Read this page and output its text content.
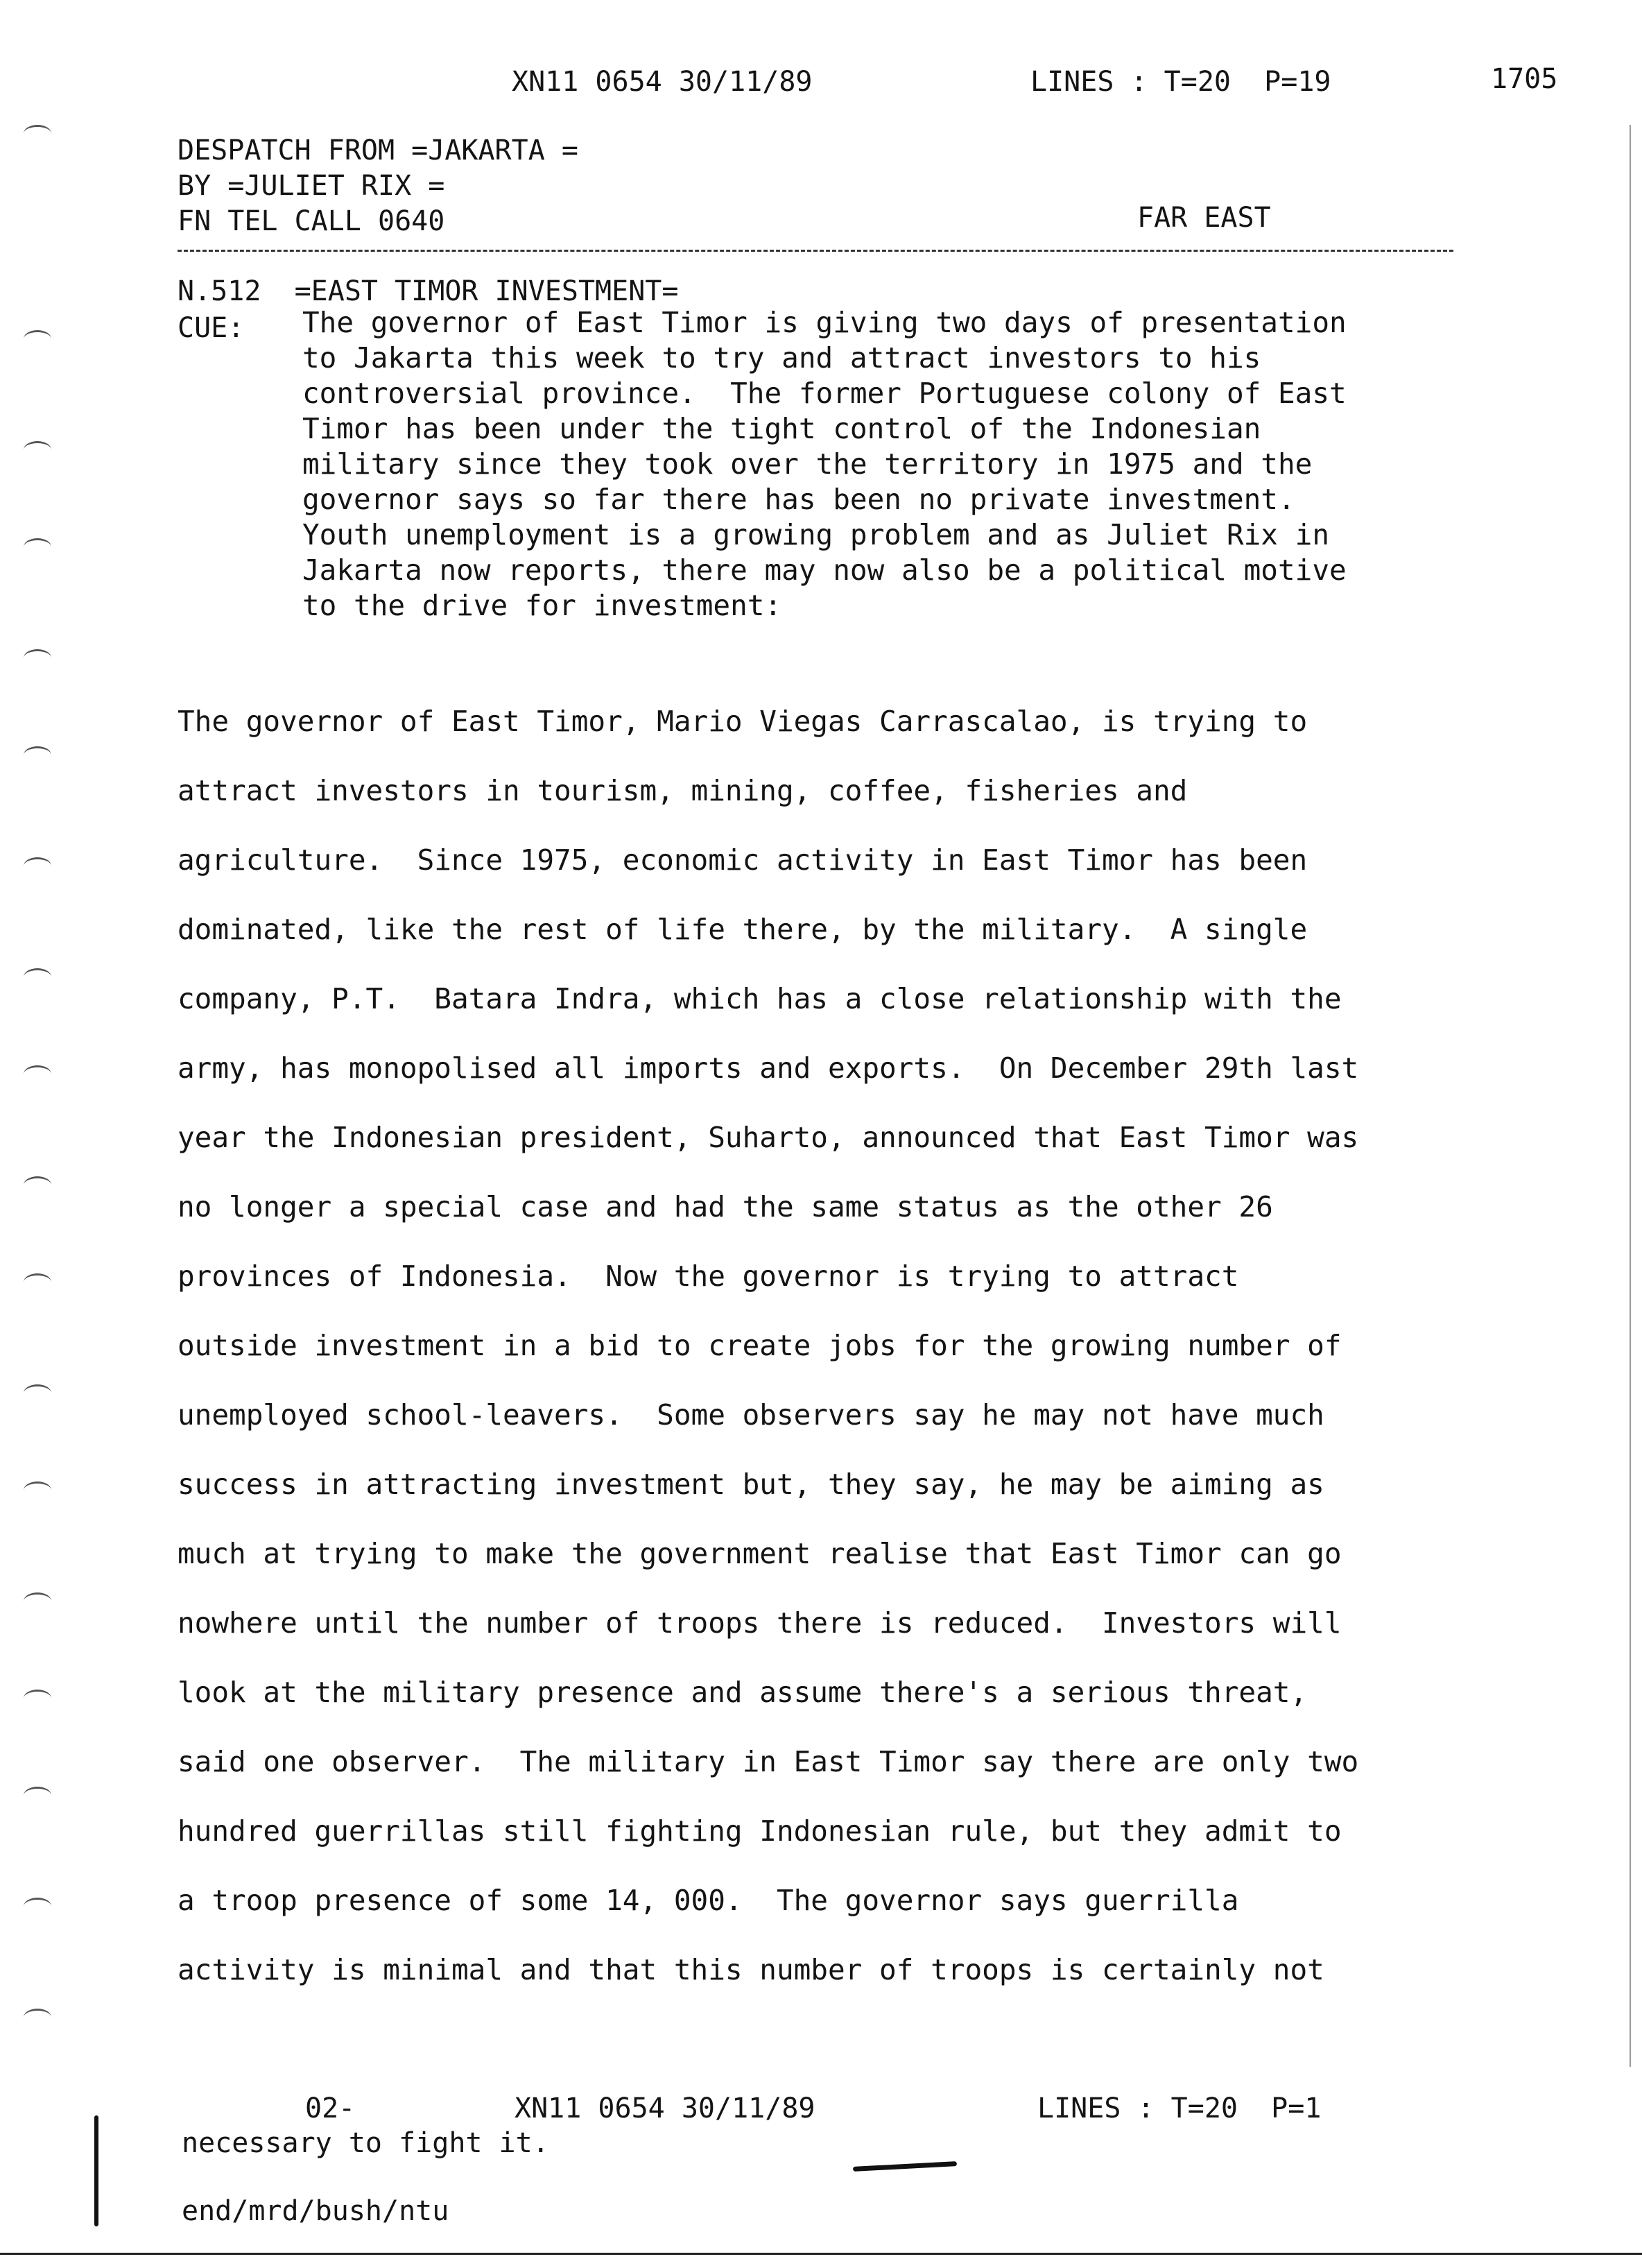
XN11 0654 30/11/89	LINES : T=20  P=19	1705
DESPATCH FROM =JAKARTA =
BY =JULIET RIX =
FN TEL CALL 0640	FAR EAST
N.512  =EAST TIMOR INVESTMENT=
CUE: The governor of East Timor is giving two days of presentation
to Jakarta this week to try and attract investors to his
controversial province.  The former Portuguese colony of East
Timor has been under the tight control of the Indonesian
military since they took over the territory in 1975 and the
governor says so far there has been no private investment.
Youth unemployment is a growing problem and as Juliet Rix in
Jakarta now reports, there may now also be a political motive
to the drive for investment:
The governor of East Timor, Mario Viegas Carrascalao, is trying to
attract investors in tourism, mining, coffee, fisheries and
agriculture.  Since 1975, economic activity in East Timor has been
dominated, like the rest of life there, by the military.  A single
company, P.T.  Batara Indra, which has a close relationship with the
army, has monopolised all imports and exports.  On December 29th last
year the Indonesian president, Suharto, announced that East Timor was
no longer a special case and had the same status as the other 26
provinces of Indonesia.  Now the governor is trying to attract
outside investment in a bid to create jobs for the growing number of
unemployed school-leavers.  Some observers say he may not have much
success in attracting investment but, they say, he may be aiming as
much at trying to make the government realise that East Timor can go
nowhere until the number of troops there is reduced.  Investors will
look at the military presence and assume there's a serious threat,
said one observer.  The military in East Timor say there are only two
hundred guerrillas still fighting Indonesian rule, but they admit to
a troop presence of some 14, 000.  The governor says guerrilla
activity is minimal and that this number of troops is certainly not
02-	XN11 0654 30/11/89	LINES : T=20  P=1
necessary to fight it.
end/mrd/bush/ntu
